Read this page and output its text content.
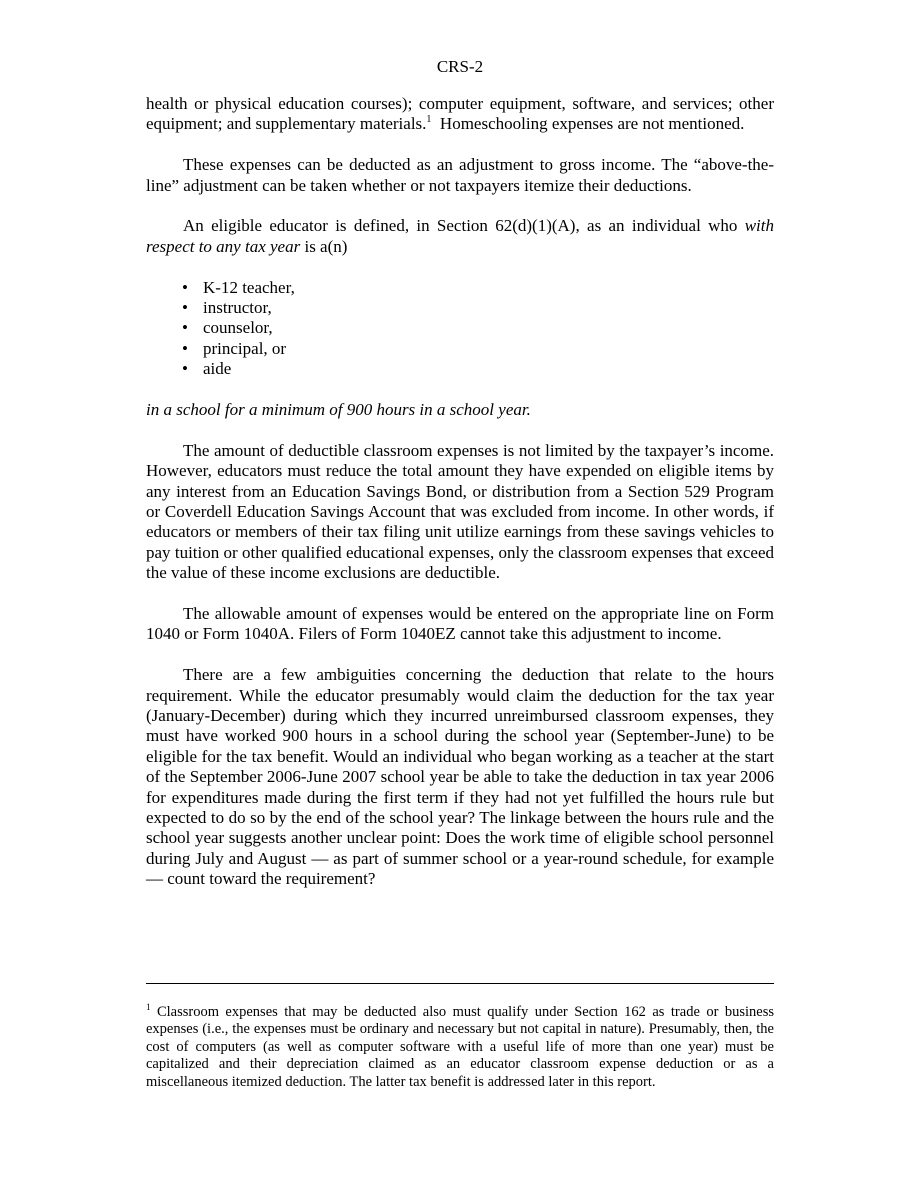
CRS-2

health or physical education courses); computer equipment, software, and services; other equipment; and supplementary materials.$^1$  Homeschooling expenses are not mentioned.

These expenses can be deducted as an adjustment to gross income. The “above-the-line” adjustment can be taken whether or not taxpayers itemize their deductions.

An eligible educator is defined, in Section 62(d)(1)(A), as an individual who with respect to any tax year is a(n)

• K-12 teacher,
• instructor,
• counselor,
• principal, or
• aide

in a school for a minimum of 900 hours in a school year.

The amount of deductible classroom expenses is not limited by the taxpayer’s income. However, educators must reduce the total amount they have expended on eligible items by any interest from an Education Savings Bond, or distribution from a Section 529 Program or Coverdell Education Savings Account that was excluded from income. In other words, if educators or members of their tax filing unit utilize earnings from these savings vehicles to pay tuition or other qualified educational expenses, only the classroom expenses that exceed the value of these income exclusions are deductible.

The allowable amount of expenses would be entered on the appropriate line on Form 1040 or Form 1040A. Filers of Form 1040EZ cannot take this adjustment to income.

There are a few ambiguities concerning the deduction that relate to the hours requirement. While the educator presumably would claim the deduction for the tax year (January-December) during which they incurred unreimbursed classroom expenses, they must have worked 900 hours in a school during the school year (September-June) to be eligible for the tax benefit. Would an individual who began working as a teacher at the start of the September 2006-June 2007 school year be able to take the deduction in tax year 2006 for expenditures made during the first term if they had not yet fulfilled the hours rule but expected to do so by the end of the school year? The linkage between the hours rule and the school year suggests another unclear point: Does the work time of eligible school personnel during July and August — as part of summer school or a year-round schedule, for example — count toward the requirement?

$^1$ Classroom expenses that may be deducted also must qualify under Section 162 as trade or business expenses (i.e., the expenses must be ordinary and necessary but not capital in nature). Presumably, then, the cost of computers (as well as computer software with a useful life of more than one year) must be capitalized and their depreciation claimed as an educator classroom expense deduction or as a miscellaneous itemized deduction. The latter tax benefit is addressed later in this report.
